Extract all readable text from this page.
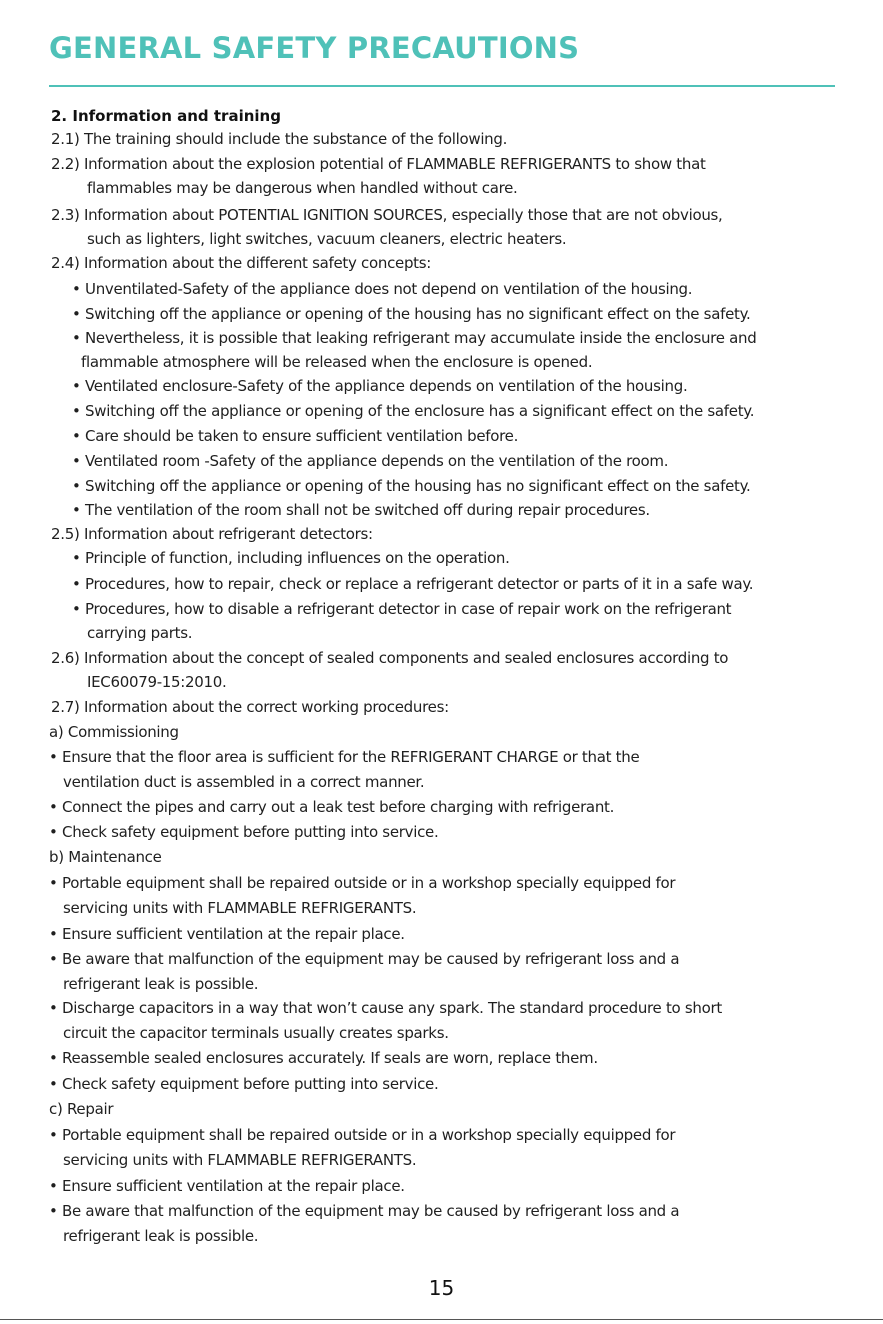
GENERAL SAFETY PRECAUTIONS
2. Information and training
2.1) The training should include the substance of the following.
2.2) Information about the explosion potential of FLAMMABLE REFRIGERANTS to show that
flammables may be dangerous when handled without care.
2.3) Information about POTENTIAL IGNITION SOURCES, especially those that are not obvious,
such as lighters, light switches, vacuum cleaners, electric heaters.
2.4) Information about the different safety concepts:
• Unventilated-Safety of the appliance does not depend on ventilation of the housing.
• Switching off the appliance or opening of the housing has no significant effect on the safety.
• Nevertheless, it is possible that leaking refrigerant may accumulate inside the enclosure and
flammable atmosphere will be released when the enclosure is opened.
• Ventilated enclosure-Safety of the appliance depends on ventilation of the housing.
• Switching off the appliance or opening of the enclosure has a significant effect on the safety.
• Care should be taken to ensure sufficient ventilation before.
• Ventilated room -Safety of the appliance depends on the ventilation of the room.
• Switching off the appliance or opening of the housing has no significant effect on the safety.
• The ventilation of the room shall not be switched off during repair procedures.
2.5) Information about refrigerant detectors:
• Principle of function, including influences on the operation.
• Procedures, how to repair, check or replace a refrigerant detector or parts of it in a safe way.
• Procedures, how to disable a refrigerant detector in case of repair work on the refrigerant
carrying parts.
2.6) Information about the concept of sealed components and sealed enclosures according to
IEC60079-15:2010.
2.7) Information about the correct working procedures:
a) Commissioning
• Ensure that the floor area is sufficient for the REFRIGERANT CHARGE or that the
ventilation duct is assembled in a correct manner.
• Connect the pipes and carry out a leak test before charging with refrigerant.
• Check safety equipment before putting into service.
b) Maintenance
• Portable equipment shall be repaired outside or in a workshop specially equipped for
servicing units with FLAMMABLE REFRIGERANTS.
• Ensure sufficient ventilation at the repair place.
• Be aware that malfunction of the equipment may be caused by refrigerant loss and a
refrigerant leak is possible.
• Discharge capacitors in a way that won’t cause any spark. The standard procedure to short
circuit the capacitor terminals usually creates sparks.
• Reassemble sealed enclosures accurately. If seals are worn, replace them.
• Check safety equipment before putting into service.
c) Repair
• Portable equipment shall be repaired outside or in a workshop specially equipped for
servicing units with FLAMMABLE REFRIGERANTS.
• Ensure sufficient ventilation at the repair place.
• Be aware that malfunction of the equipment may be caused by refrigerant loss and a
refrigerant leak is possible.
15
